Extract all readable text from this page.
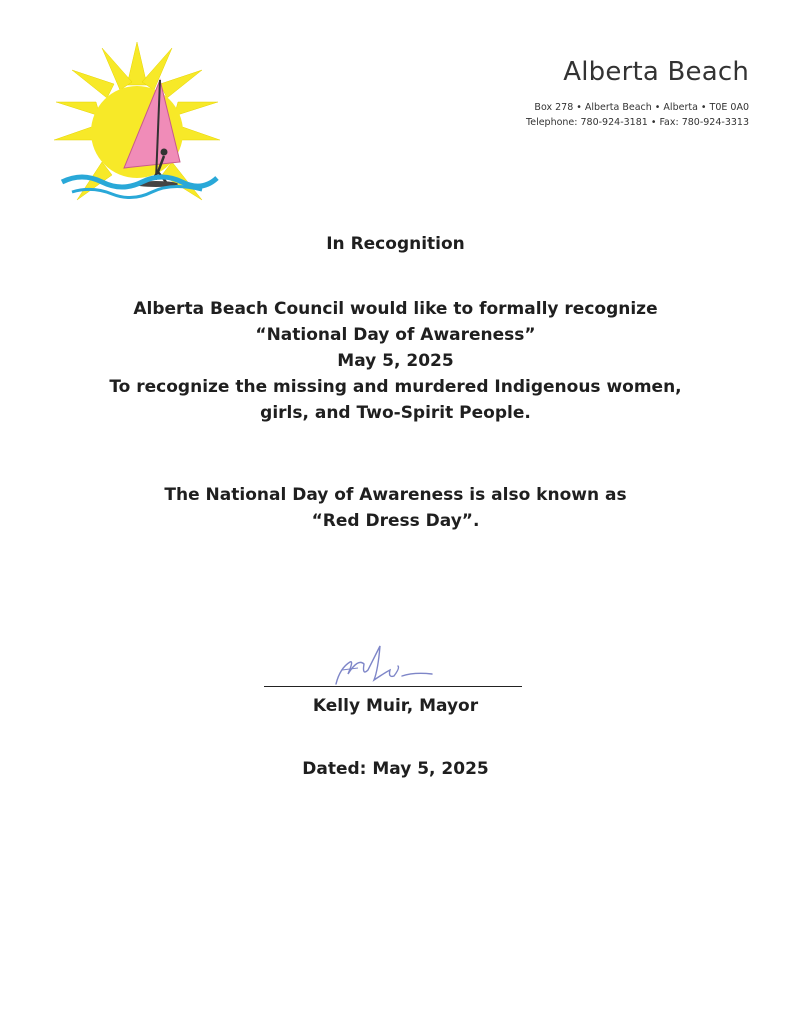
Alberta Beach
Box 278 • Alberta Beach • Alberta • T0E 0A0
Telephone: 780-924-3181 • Fax: 780-924-3313
In Recognition
Alberta Beach Council would like to formally recognize
“National Day of Awareness”
May 5, 2025
To recognize the missing and murdered Indigenous women,
girls, and Two-Spirit People.
The National Day of Awareness is also known as
“Red Dress Day”.
Kelly Muir, Mayor
Dated: May 5, 2025
